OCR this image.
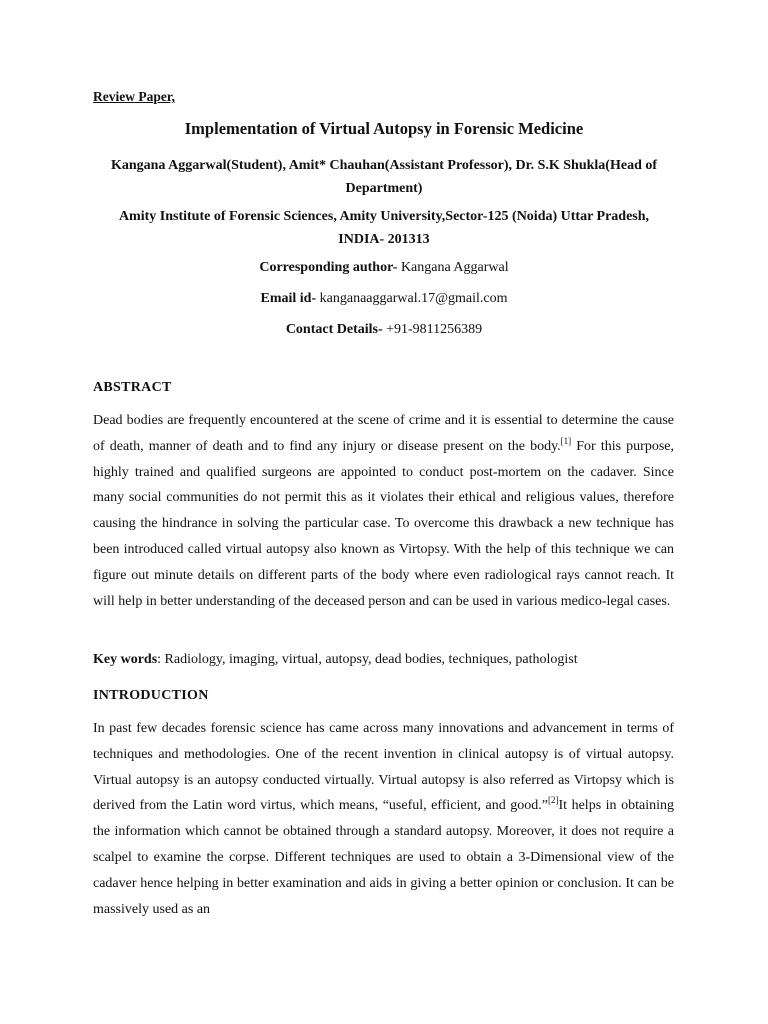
Review Paper,
Implementation of Virtual Autopsy in Forensic Medicine
Kangana Aggarwal(Student), Amit* Chauhan(Assistant Professor), Dr. S.K Shukla(Head of Department)
Amity Institute of Forensic Sciences, Amity University,Sector-125 (Noida) Uttar Pradesh, INDIA- 201313
Corresponding author- Kangana Aggarwal
Email id- kanganaaggarwal.17@gmail.com
Contact Details- +91-9811256389
ABSTRACT
Dead bodies are frequently encountered at the scene of crime and it is essential to determine the cause of death, manner of death and to find any injury or disease present on the body.[1] For this purpose, highly trained and qualified surgeons are appointed to conduct post-mortem on the cadaver. Since many social communities do not permit this as it violates their ethical and religious values, therefore causing the hindrance in solving the particular case. To overcome this drawback a new technique has been introduced called virtual autopsy also known as Virtopsy. With the help of this technique we can figure out minute details on different parts of the body where even radiological rays cannot reach. It will help in better understanding of the deceased person and can be used in various medico-legal cases.
Key words: Radiology, imaging, virtual, autopsy, dead bodies, techniques, pathologist
INTRODUCTION
In past few decades forensic science has came across many innovations and advancement in terms of techniques and methodologies. One of the recent invention in clinical autopsy is of virtual autopsy. Virtual autopsy is an autopsy conducted virtually. Virtual autopsy is also referred as Virtopsy which is derived from the Latin word virtus, which means, “useful, efficient, and good.”[2]It helps in obtaining the information which cannot be obtained through a standard autopsy. Moreover, it does not require a scalpel to examine the corpse. Different techniques are used to obtain a 3-Dimensional view of the cadaver hence helping in better examination and aids in giving a better opinion or conclusion. It can be massively used as an
